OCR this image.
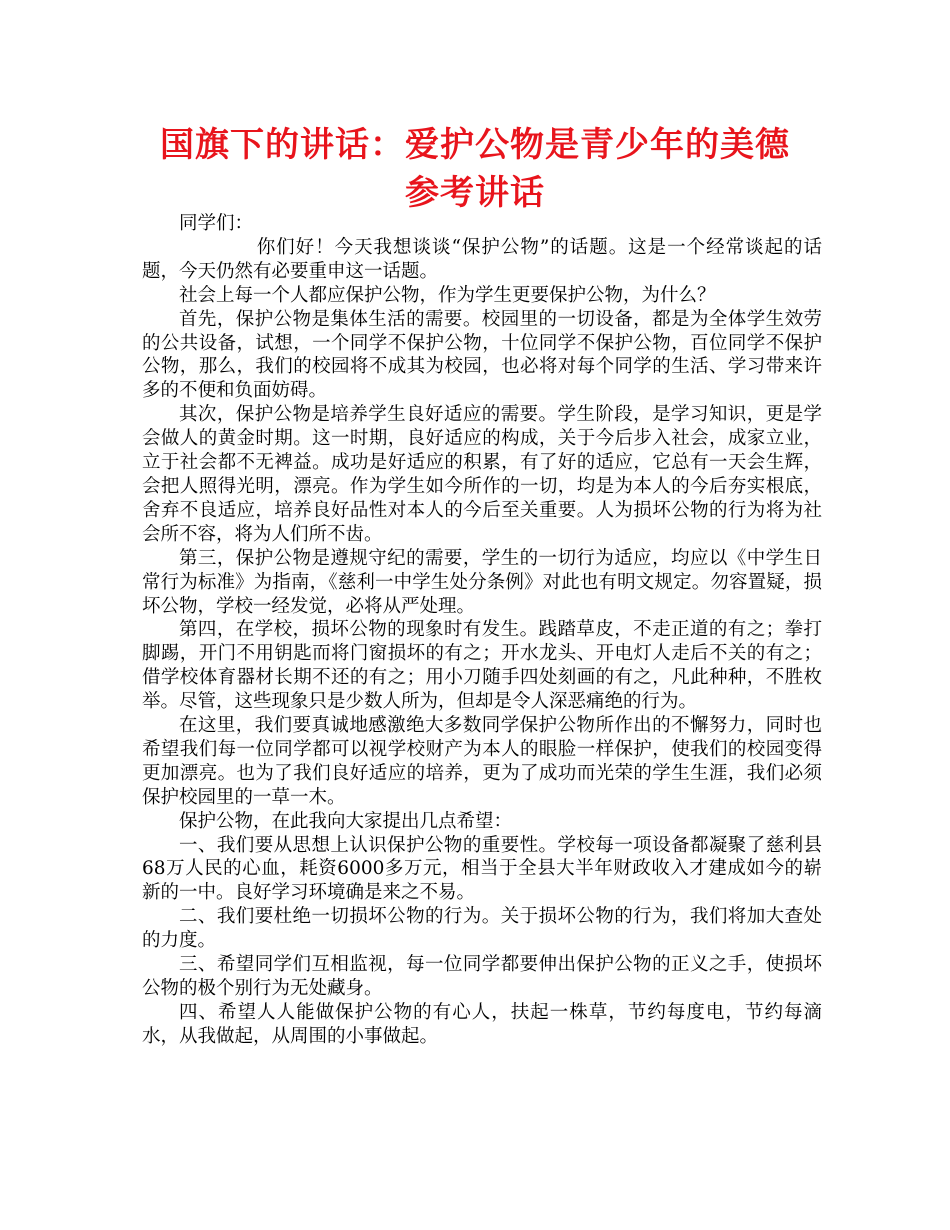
国旗下的讲话：爱护公物是青少年的美德
参考讲话

同学们：

你们好！今天我想谈谈“保护公物”的话题。这是一个经常谈起的话题，今天仍然有必要重申这一话题。

社会上每一个人都应保护公物，作为学生更要保护公物，为什么？

首先，保护公物是集体生活的需要。校园里的一切设备，都是为全体学生效劳的公共设备，试想，一个同学不保护公物，十位同学不保护公物，百位同学不保护公物，那么，我们的校园将不成其为校园，也必将对每个同学的生活、学习带来许多的不便和负面妨碍。

其次，保护公物是培养学生良好适应的需要。学生阶段，是学习知识，更是学会做人的黄金时期。这一时期，良好适应的构成，关于今后步入社会，成家立业，立于社会都不无裨益。成功是好适应的积累，有了好的适应，它总有一天会生辉，会把人照得光明，漂亮。作为学生如今所作的一切，均是为本人的今后夯实根底，舍弃不良适应，培养良好品性对本人的今后至关重要。人为损坏公物的行为将为社会所不容，将为人们所不齿。

第三，保护公物是遵规守纪的需要，学生的一切行为适应，均应以《中学生日常行为标准》为指南，《慈利一中学生处分条例》对此也有明文规定。勿容置疑，损坏公物，学校一经发觉，必将从严处理。

第四，在学校，损坏公物的现象时有发生。践踏草皮，不走正道的有之；拳打脚踢，开门不用钥匙而将门窗损坏的有之；开水龙头、开电灯人走后不关的有之；借学校体育器材长期不还的有之；用小刀随手四处刻画的有之，凡此种种，不胜枚举。尽管，这些现象只是少数人所为，但却是令人深恶痛绝的行为。

在这里，我们要真诚地感激绝大多数同学保护公物所作出的不懈努力，同时也希望我们每一位同学都可以视学校财产为本人的眼脸一样保护，使我们的校园变得更加漂亮。也为了我们良好适应的培养，更为了成功而光荣的学生生涯，我们必须保护校园里的一草一木。

保护公物，在此我向大家提出几点希望：

一、我们要从思想上认识保护公物的重要性。学校每一项设备都凝聚了慈利县68万人民的心血，耗资6000多万元，相当于全县大半年财政收入才建成如今的崭新的一中。良好学习环境确是来之不易。

二、我们要杜绝一切损坏公物的行为。关于损坏公物的行为，我们将加大查处的力度。

三、希望同学们互相监视，每一位同学都要伸出保护公物的正义之手，使损坏公物的极个别行为无处藏身。

四、希望人人能做保护公物的有心人，扶起一株草，节约每度电，节约每滴水，从我做起，从周围的小事做起。
